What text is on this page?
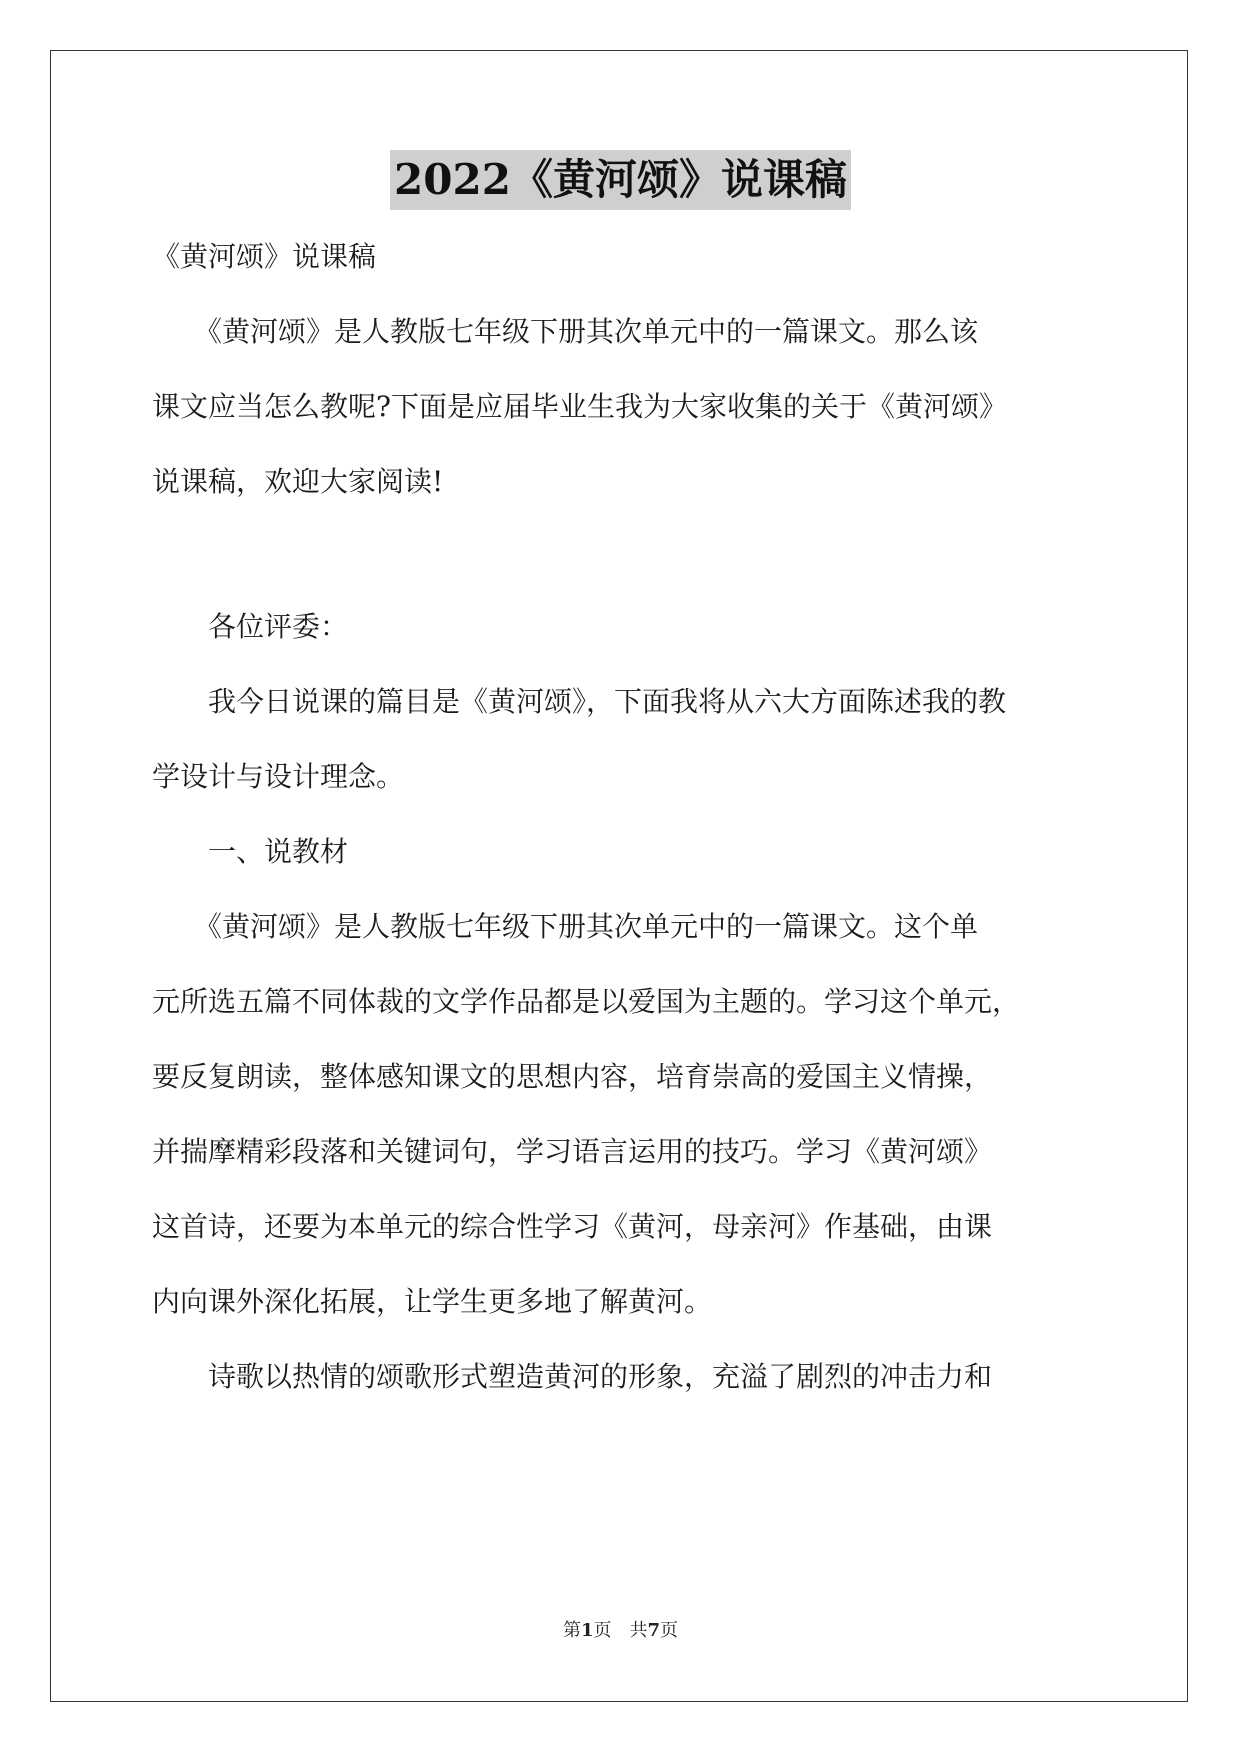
2022《黄河颂》说课稿
《黄河颂》说课稿
　　《黄河颂》是人教版七年级下册其次单元中的一篇课文。那么该
课文应当怎么教呢?下面是应届毕业生我为大家收集的关于《黄河颂》
说课稿，欢迎大家阅读!
　　各位评委：
　　我今日说课的篇目是《黄河颂》，下面我将从六大方面陈述我的教
学设计与设计理念。
　　一、说教材
　　《黄河颂》是人教版七年级下册其次单元中的一篇课文。这个单
元所选五篇不同体裁的文学作品都是以爱国为主题的。学习这个单元，
要反复朗读，整体感知课文的思想内容，培育崇高的爱国主义情操，
并揣摩精彩段落和关键词句，学习语言运用的技巧。学习《黄河颂》
这首诗，还要为本单元的综合性学习《黄河，母亲河》作基础，由课
内向课外深化拓展，让学生更多地了解黄河。
　　诗歌以热情的颂歌形式塑造黄河的形象，充溢了剧烈的冲击力和
第1页　共7页
